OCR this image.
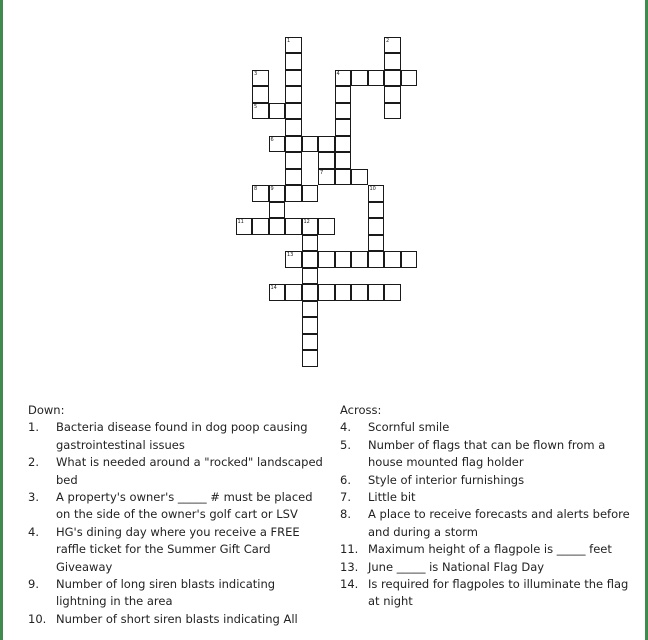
1	2
3
5
4
6
7
8	9	10
11	12
13
14
Down:
1. Bacteria disease found in dog poop causing gastrointestinal issues
2. What is needed around a "rocked" landscaped bed
3. A property's owner's _____ # must be placed on the side of the owner's golf cart or LSV
4. HG's dining day where you receive a FREE raffle ticket for the Summer Gift Card Giveaway
9. Number of long siren blasts indicating lightning in the area
10. Number of short siren blasts indicating All
Across:
4. Scornful smile
5. Number of flags that can be flown from a house mounted flag holder
6. Style of interior furnishings
7. Little bit
8. A place to receive forecasts and alerts before and during a storm
11. Maximum height of a flagpole is _____ feet
13. June _____ is National Flag Day
14. Is required for flagpoles to illuminate the flag at night
